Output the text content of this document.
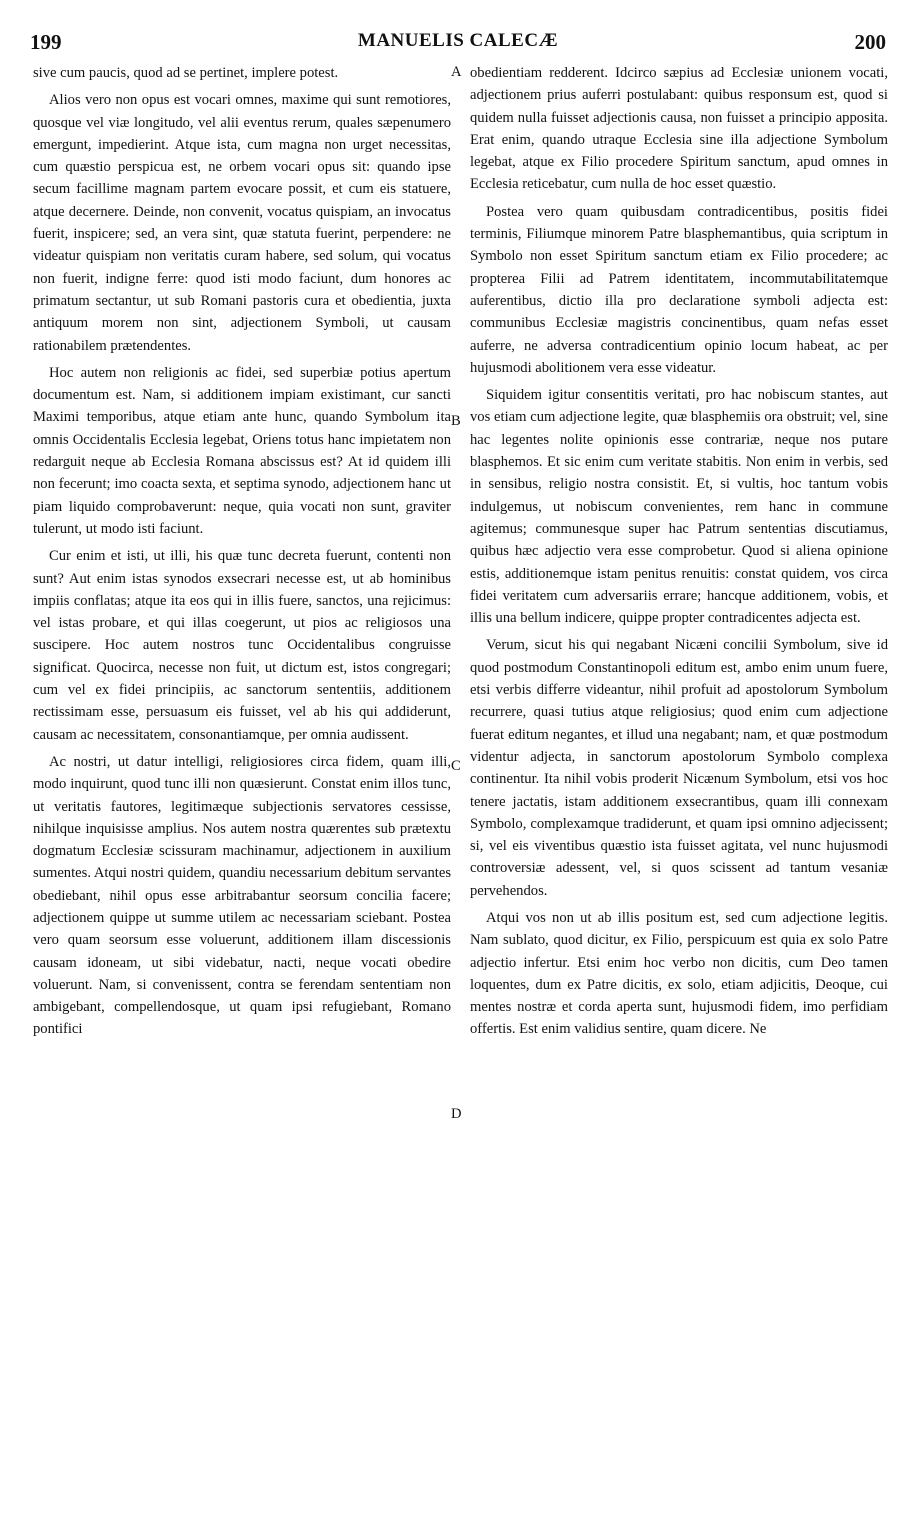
199	MANUELIS CALECÆ	200

sive cum paucis, quod ad se pertinet, implere potest.

Alios vero non opus est vocari omnes, maxime qui sunt remotiores, quosque vel viæ longitudo, vel alii eventus rerum, quales sæpenumero emergunt, impedierint. Atque ista, cum magna non urget necessitas, cum quæstio perspicua est, ne orbem vocari opus sit: quando ipse secum facillime magnam partem evocare possit, et cum eis statuere, atque decernere. Deinde, non convenit, vocatus quispiam, an invocatus fuerit, inspicere; sed, an vera sint, quæ statuta fuerint, perpendere: ne videatur quispiam non veritatis curam habere, sed solum, qui vocatus non fuerit, indigne ferre: quod isti modo faciunt, dum honores ac primatum sectantur, ut sub Romani pastoris cura et obedientia, juxta antiquum morem non sint, adjectionem Symboli, ut causam rationabilem prætendentes.

Hoc autem non religionis ac fidei, sed superbiæ potius apertum documentum est. Nam, si additionem impiam existimant, cur sancti Maximi temporibus, atque etiam ante hunc, quando Symbolum ita omnis Occidentalis Ecclesia legebat, Oriens totus hanc impietatem non redarguit neque ab Ecclesia Romana abscissus est? At id quidem illi non fecerunt; imo coacta sexta, et septima synodo, adjectionem hanc ut piam liquido comprobaverunt: neque, quia vocati non sunt, graviter tulerunt, ut modo isti faciunt.

Cur enim et isti, ut illi, his quæ tunc decreta fuerunt, contenti non sunt? Aut enim istas synodos exsecrari necesse est, ut ab hominibus impiis conflatas; atque ita eos qui in illis fuere, sanctos, una rejicimus: vel istas probare, et qui illas coegerunt, ut pios ac religiosos una suscipere. Hoc autem nostros tunc Occidentalibus congruisse significat. Quocirca, necesse non fuit, ut dictum est, istos congregari; cum vel ex fidei principiis, ac sanctorum sententiis, additionem rectissimam esse, persuasum eis fuisset, vel ab his qui addiderunt, causam ac necessitatem, consonantiamque, per omnia audissent.

Ac nostri, ut datur intelligi, religiosiores circa fidem, quam illi, modo inquirunt, quod tunc illi non quæsierunt. Constat enim illos tunc, ut veritatis fautores, legitimæque subjectionis servatores cessisse, nihilque inquisisse amplius. Nos autem nostra quærentes sub prætextu dogmatum Ecclesiæ scissuram machinamur, adjectionem in auxilium sumentes. Atqui nostri quidem, quandiu necessarium debitum servantes obediebant, nihil opus esse arbitrabantur seorsum concilia facere; adjectionem quippe ut summe utilem ac necessariam sciebant. Postea vero quam seorsum esse voluerunt, additionem illam discessionis causam idoneam, ut sibi videbatur, nacti, neque vocati obedire voluerunt. Nam, si convenissent, contra se ferendam sententiam non ambigebant, compellendosque, ut quam ipsi refugiebant, Romano pontifici

obedientiam redderent. Idcirco sæpius ad Ecclesiæ unionem vocati, adjectionem prius auferri postulabant: quibus responsum est, quod si quidem nulla fuisset adjectionis causa, non fuisset a principio apposita. Erat enim, quando utraque Ecclesia sine illa adjectione Symbolum legebat, atque ex Filio procedere Spiritum sanctum, apud omnes in Ecclesia reticebatur, cum nulla de hoc esset quæstio.

Postea vero quam quibusdam contradicentibus, positis fidei terminis, Filiumque minorem Patre blasphemantibus, quia scriptum in Symbolo non esset Spiritum sanctum etiam ex Filio procedere; ac propterea Filii ad Patrem identitatem, incommutabilitatemque auferentibus, dictio illa pro declaratione symboli adjecta est: communibus Ecclesiæ magistris concinentibus, quam nefas esset auferre, ne adversa contradicentium opinio locum habeat, ac per hujusmodi abolitionem vera esse videatur.

Siquidem igitur consentitis veritati, pro hac nobiscum stantes, aut vos etiam cum adjectione legite, quæ blasphemiis ora obstruit; vel, sine hac legentes nolite opinionis esse contrariæ, neque nos putare blasphemos. Et sic enim cum veritate stabitis. Non enim in verbis, sed in sensibus, religio nostra consistit. Et, si vultis, hoc tantum vobis indulgemus, ut nobiscum convenientes, rem hanc in commune agitemus; communesque super hac Patrum sententias discutiamus, quibus hæc adjectio vera esse comprobetur. Quod si aliena opinione estis, additionemque istam penitus renuitis: constat quidem, vos circa fidei veritatem cum adversariis errare; hancque additionem, vobis, et illis una bellum indicere, quippe propter contradicentes adjecta est.

Verum, sicut his qui negabant Nicæni concilii Symbolum, sive id quod postmodum Constantinopoli editum est, ambo enim unum fuere, etsi verbis differre videantur, nihil profuit ad apostolorum Symbolum recurrere, quasi tutius atque religiosius; quod enim cum adjectione fuerat editum negantes, et illud una negabant; nam, et quæ postmodum videntur adjecta, in sanctorum apostolorum Symbolo complexa continentur. Ita nihil vobis proderit Nicænum Symbolum, etsi vos hoc tenere jactatis, istam additionem exsecrantibus, quam illi connexam Symbolo, complexamque tradiderunt, et quam ipsi omnino adjecissent; si, vel eis viventibus quæstio ista fuisset agitata, vel nunc hujusmodi controversiæ adessent, vel, si quos scissent ad tantum vesaniæ pervehendos.

Atqui vos non ut ab illis positum est, sed cum adjectione legitis. Nam sublato, quod dicitur, ex Filio, perspicuum est quia ex solo Patre adjectio infertur. Etsi enim hoc verbo non dicitis, cum Deo tamen loquentes, dum ex Patre dicitis, ex solo, etiam adjicitis, Deoque, cui mentes nostræ et corda aperta sunt, hujusmodi fidem, imo perfidiam offertis. Est enim validius sentire, quam dicere. Ne

A
B
C
D
